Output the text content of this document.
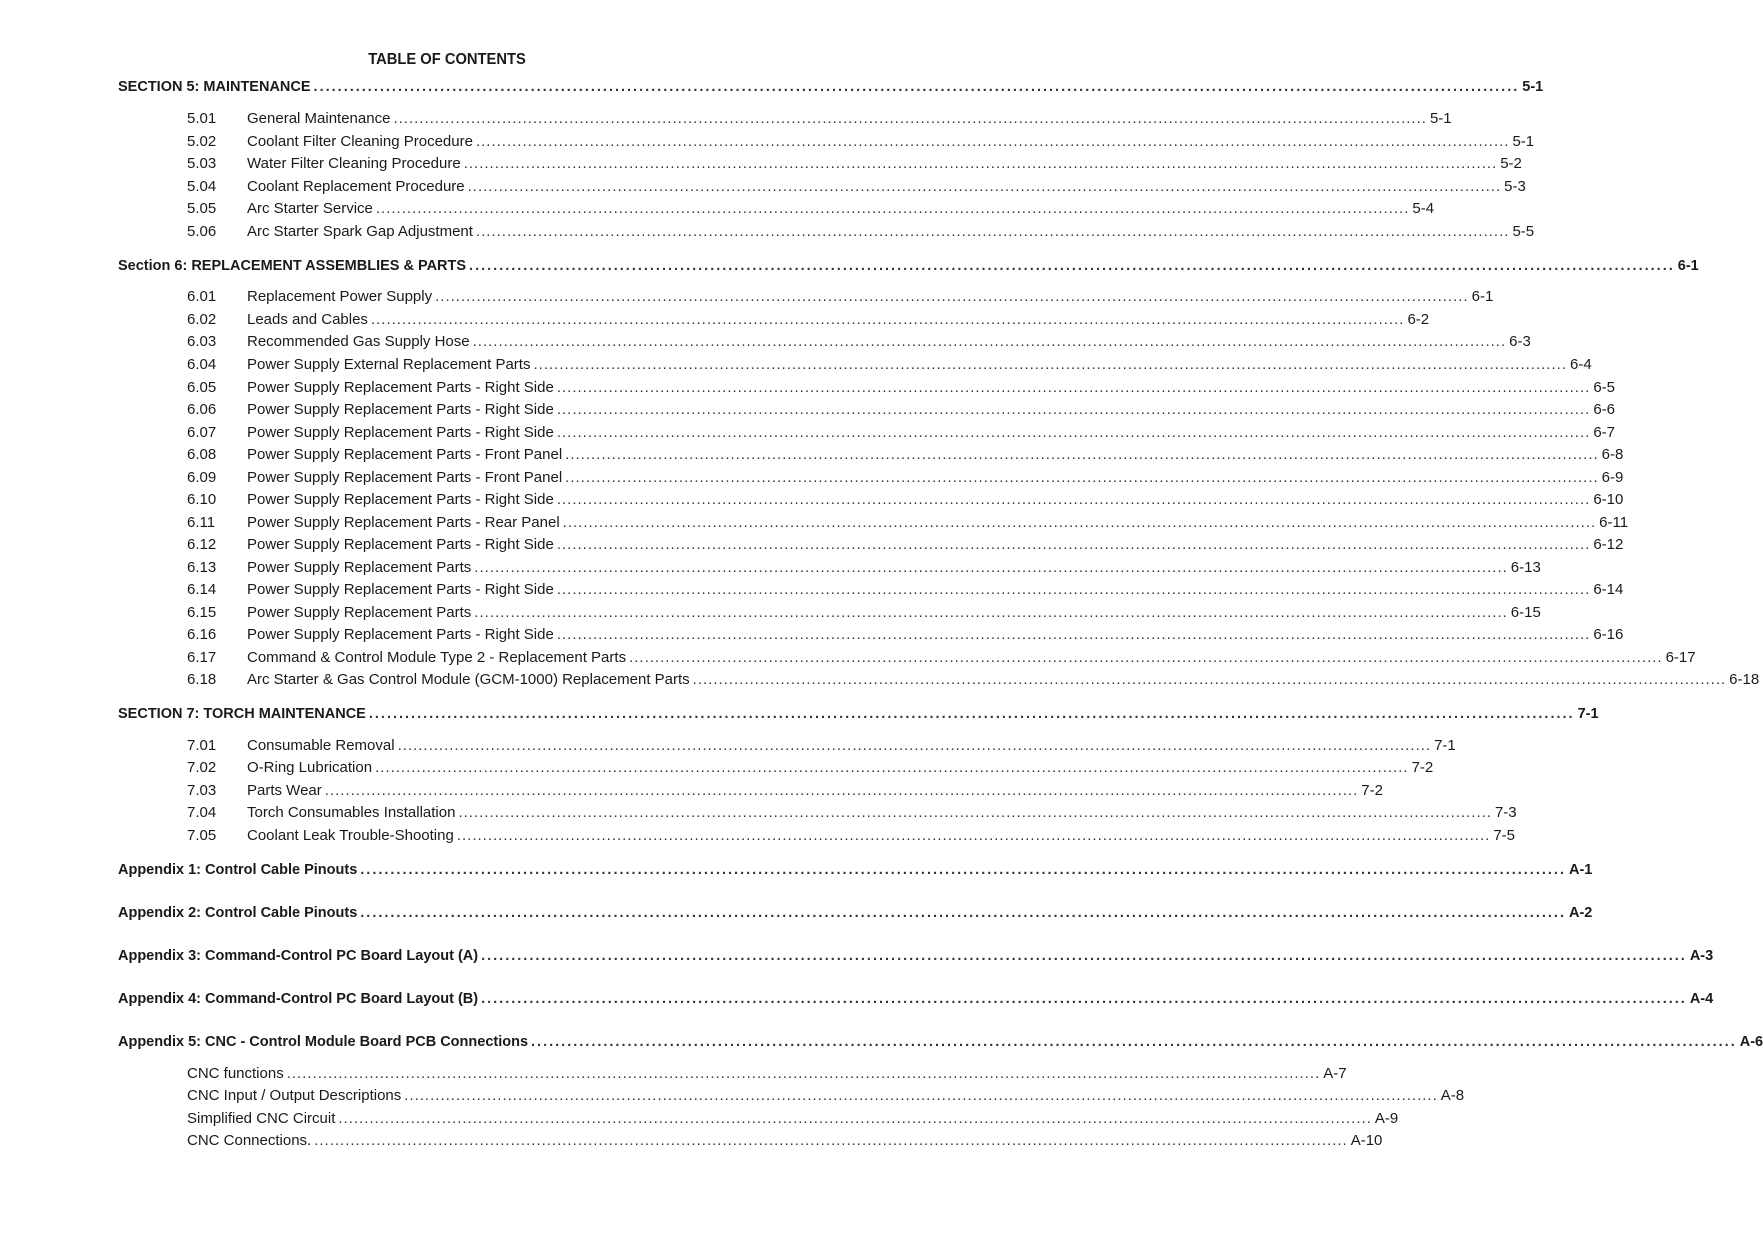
TABLE OF CONTENTS
SECTION 5: MAINTENANCE ........................................................................................................................................................................................................ 5-1
5.01	General Maintenance ........................................................................................................................................................................................................ 5-1
5.02	Coolant Filter Cleaning Procedure ........................................................................................................................................................................................................ 5-1
5.03	Water Filter Cleaning Procedure ........................................................................................................................................................................................................ 5-2
5.04	Coolant Replacement Procedure ........................................................................................................................................................................................................ 5-3
5.05	Arc Starter Service ........................................................................................................................................................................................................ 5-4
5.06	Arc Starter Spark Gap Adjustment ........................................................................................................................................................................................................ 5-5
Section 6: REPLACEMENT ASSEMBLIES & PARTS ........................................................................................................................................................................................................ 6-1
6.01	Replacement Power Supply ........................................................................................................................................................................................................ 6-1
6.02	Leads and Cables ........................................................................................................................................................................................................ 6-2
6.03	Recommended Gas Supply Hose ........................................................................................................................................................................................................ 6-3
6.04	Power Supply External Replacement Parts ........................................................................................................................................................................................................ 6-4
6.05	Power Supply Replacement Parts - Right Side ........................................................................................................................................................................................................ 6-5
6.06	Power Supply Replacement Parts - Right Side ........................................................................................................................................................................................................ 6-6
6.07	Power Supply Replacement Parts - Right Side ........................................................................................................................................................................................................ 6-7
6.08	Power Supply Replacement Parts - Front Panel ........................................................................................................................................................................................................ 6-8
6.09	Power Supply Replacement Parts - Front Panel ........................................................................................................................................................................................................ 6-9
6.10	Power Supply Replacement Parts - Right Side ........................................................................................................................................................................................................ 6-10
6.11	Power Supply Replacement Parts - Rear Panel ........................................................................................................................................................................................................ 6-11
6.12	Power Supply Replacement Parts - Right Side ........................................................................................................................................................................................................ 6-12
6.13	Power Supply Replacement Parts ........................................................................................................................................................................................................ 6-13
6.14	Power Supply Replacement Parts - Right Side ........................................................................................................................................................................................................ 6-14
6.15	Power Supply Replacement Parts ........................................................................................................................................................................................................ 6-15
6.16	Power Supply Replacement Parts - Right Side ........................................................................................................................................................................................................ 6-16
6.17	Command & Control Module Type 2 - Replacement Parts ........................................................................................................................................................................................................ 6-17
6.18	Arc Starter & Gas Control Module (GCM-1000) Replacement Parts ........................................................................................................................................................................................................ 6-18
SECTION 7: TORCH MAINTENANCE ........................................................................................................................................................................................................ 7-1
7.01	Consumable Removal ........................................................................................................................................................................................................ 7-1
7.02	O-Ring Lubrication ........................................................................................................................................................................................................ 7-2
7.03	Parts Wear ........................................................................................................................................................................................................ 7-2
7.04	Torch Consumables Installation ........................................................................................................................................................................................................ 7-3
7.05	Coolant Leak Trouble-Shooting ........................................................................................................................................................................................................ 7-5
Appendix 1: Control Cable Pinouts ........................................................................................................................................................................................................ A-1
Appendix 2: Control Cable Pinouts ........................................................................................................................................................................................................ A-2
Appendix 3: Command-Control PC Board Layout (A) ........................................................................................................................................................................................................ A-3
Appendix 4: Command-Control PC Board Layout (B) ........................................................................................................................................................................................................ A-4
Appendix 5: CNC - Control Module Board PCB Connections ........................................................................................................................................................................................................ A-6
CNC functions ........................................................................................................................................................................................................ A-7
CNC Input / Output Descriptions ........................................................................................................................................................................................................ A-8
Simplified CNC Circuit ........................................................................................................................................................................................................ A-9
CNC Connections. ........................................................................................................................................................................................................ A-10
